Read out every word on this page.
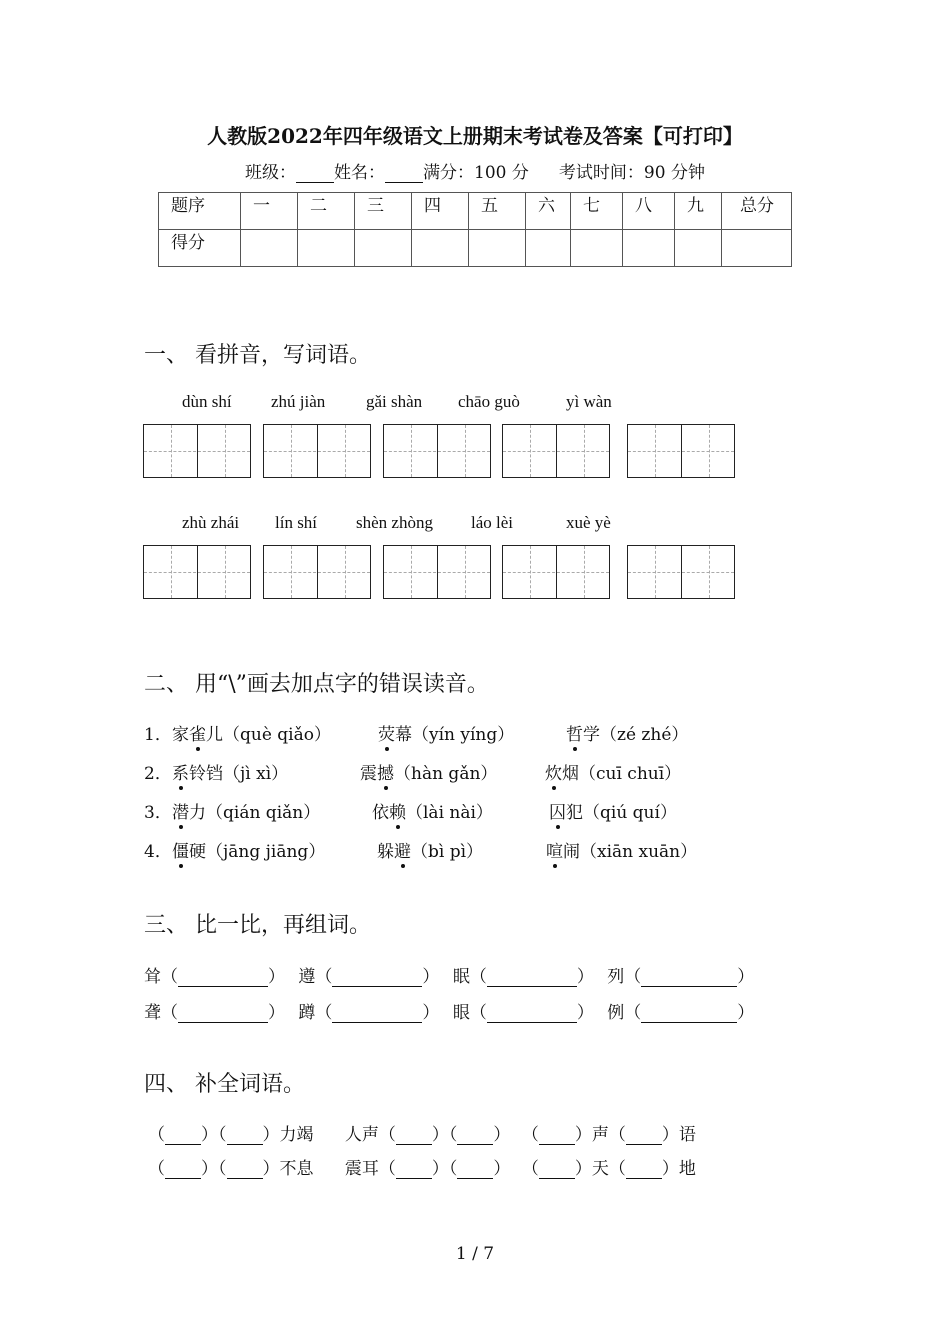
人教版2022年四年级语文上册期末考试卷及答案【可打印】
班级： 姓名： 满分：100 分 考试时间：90 分钟
题序	一	二	三	四	五	六	七	八	九	总分
得分										
一、 看拼音，写词语。
dùn shí zhú jiàn gǎi shàn chāo guò	yì wàn
zhù zhái lín shí shèn zhòng láo lèi	xuè yè
二、 用“\”画去加点字的错误读音。
1． 家雀儿（què qiǎo）	荧幕（yín yíng）	哲学（zé zhé）
2． 系铃铛（jì xì）	震撼（hàn gǎn）	炊烟（cuī chuī）
3． 潜力（qián qiǎn）	依赖（lài nài）	囚犯（qiú quí）
4． 僵硬（jāng jiāng）	躲避（bì pì）	喧闹（xiān xuān）
三、 比一比，再组词。
耸（	） 遵（	） 眠（	） 列（	）
聋（	） 蹲（	） 眼（	） 例（	）
四、 补全词语。
（ ）（ ）力竭 人声（ ）（ ） （ ）声（ ）语
（ ）（ ）不息 震耳（ ）（ ） （ ）天（ ）地
1 / 7
